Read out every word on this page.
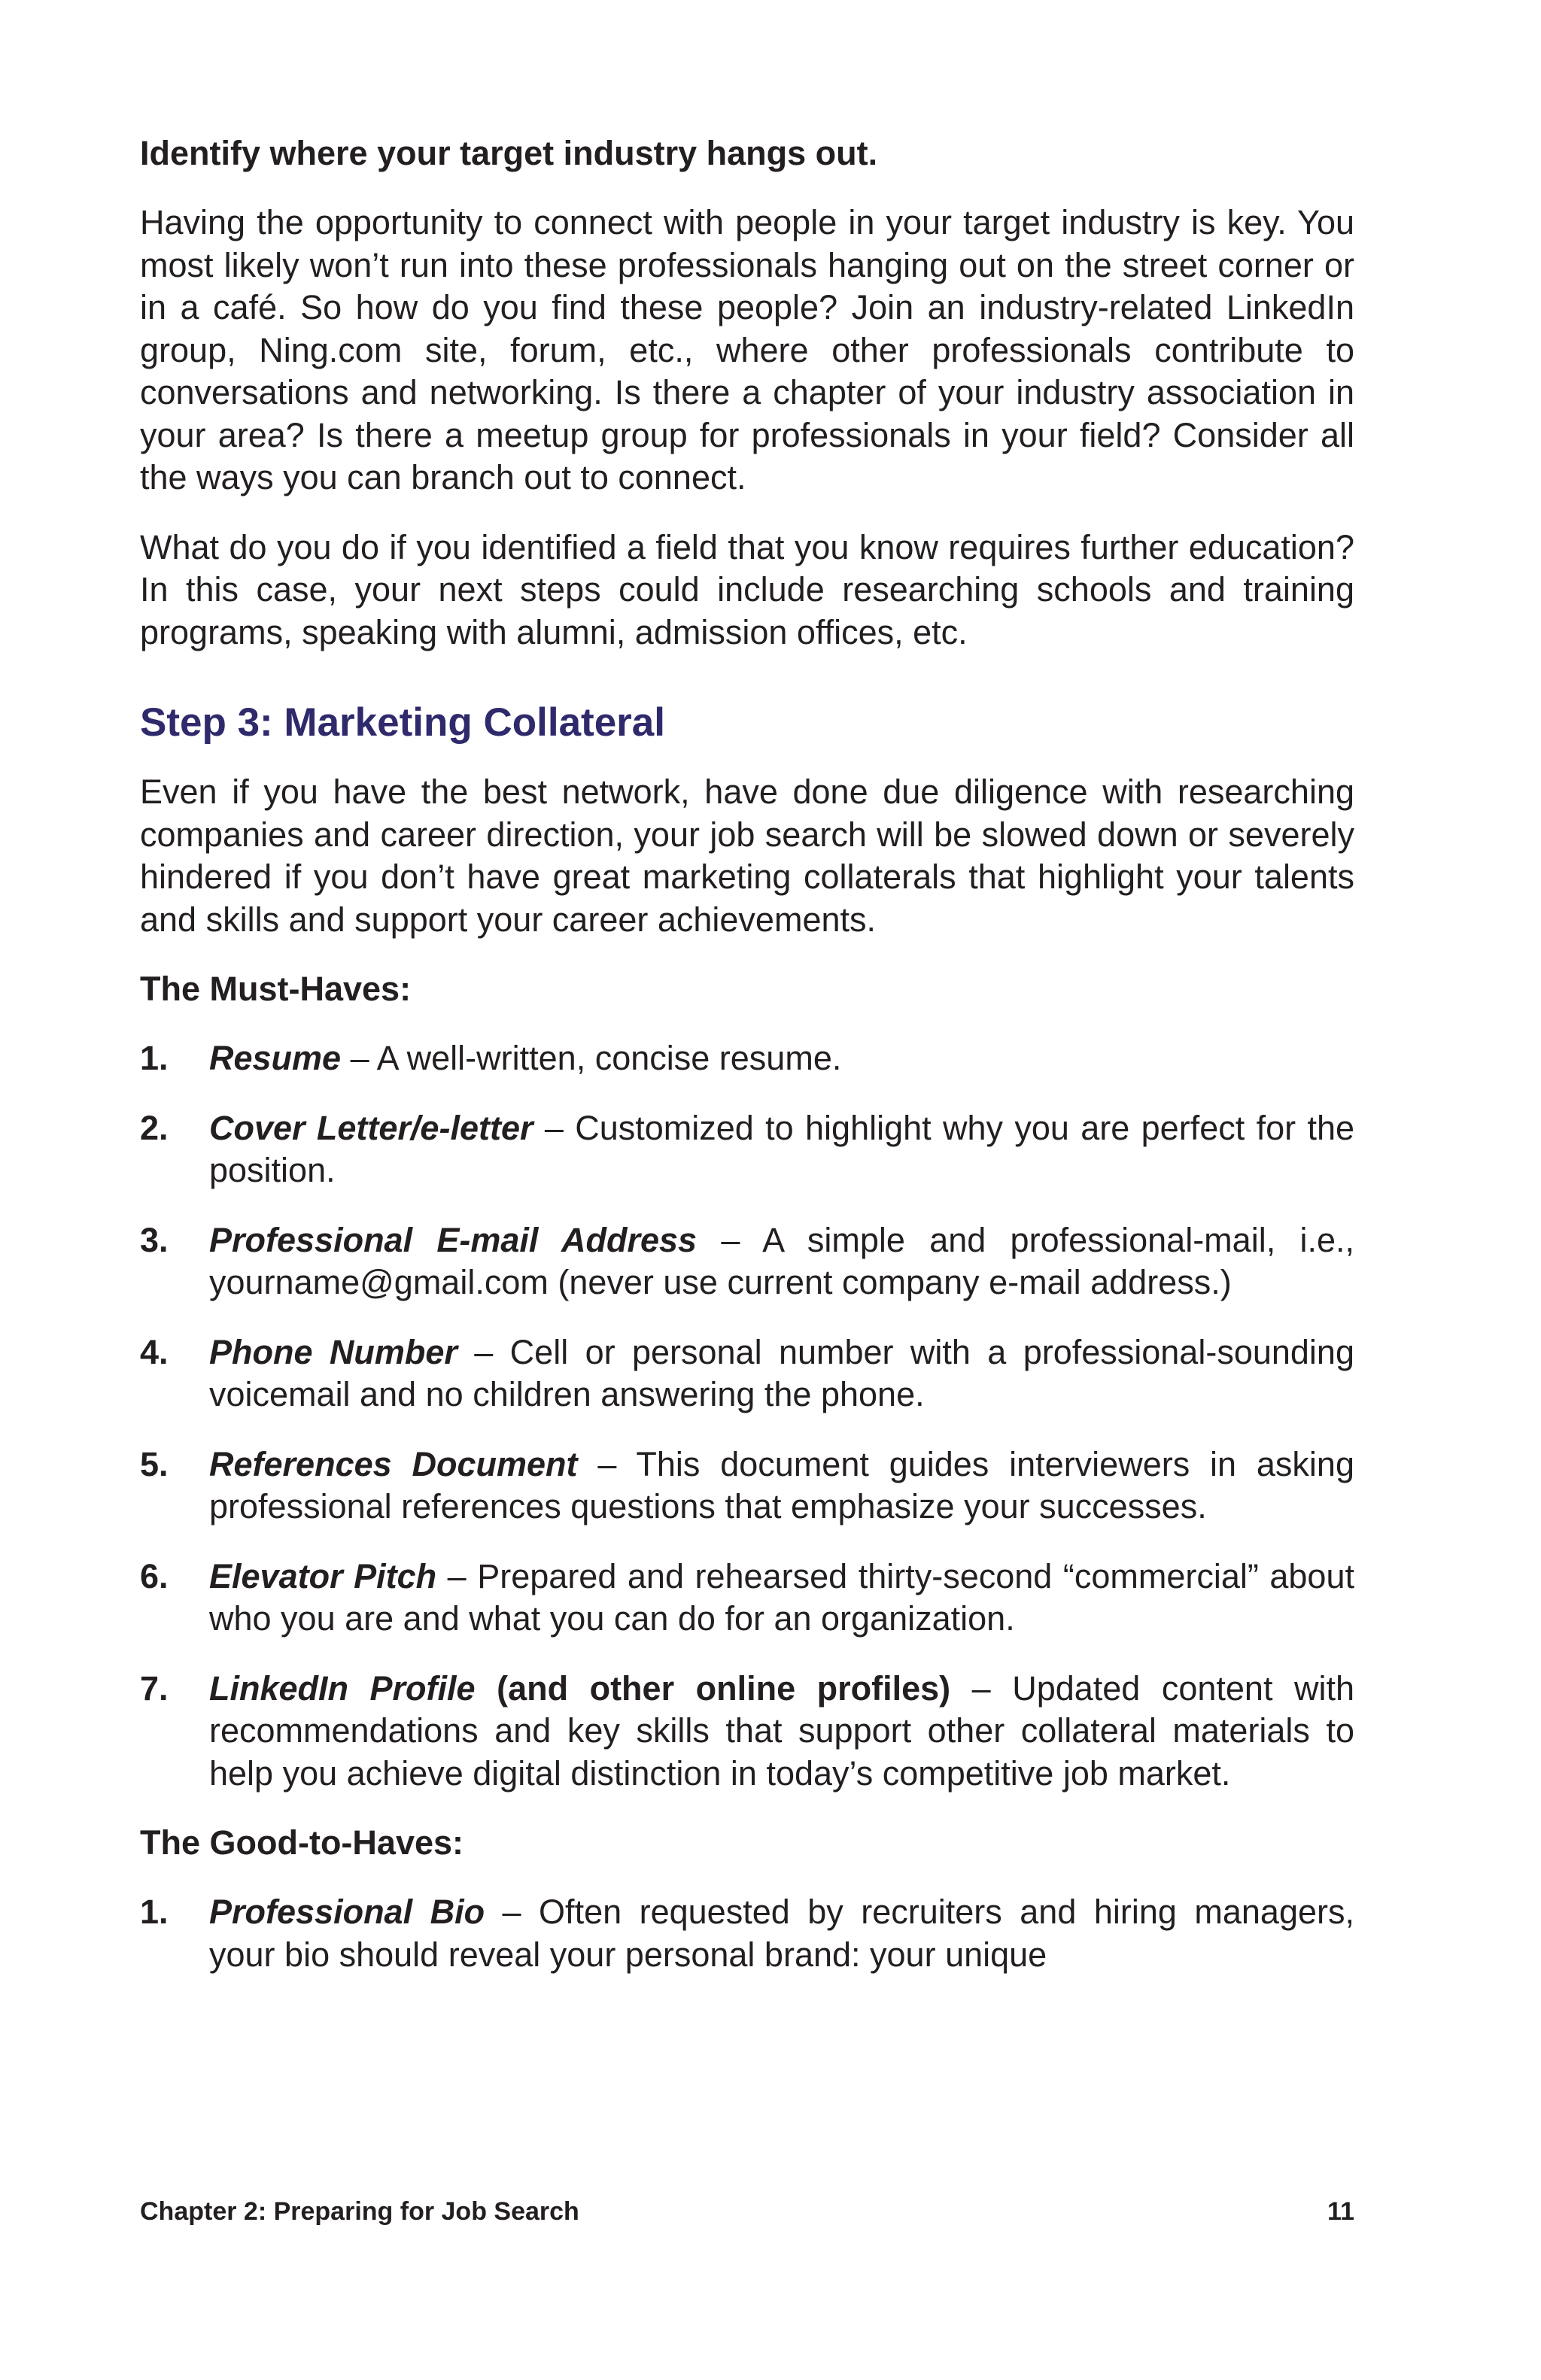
Identify where your target industry hangs out.

Having the opportunity to connect with people in your target industry is key. You most likely won’t run into these professionals hanging out on the street corner or in a café. So how do you find these people? Join an industry-related LinkedIn group, Ning.com site, forum, etc., where other professionals contribute to conversations and networking. Is there a chapter of your industry association in your area? Is there a meetup group for professionals in your field? Consider all the ways you can branch out to connect.

What do you do if you identified a field that you know requires further education? In this case, your next steps could include researching schools and training programs, speaking with alumni, admission offices, etc.

Step 3: Marketing Collateral

Even if you have the best network, have done due diligence with researching companies and career direction, your job search will be slowed down or severely hindered if you don’t have great marketing collaterals that highlight your talents and skills and support your career achievements.

The Must-Haves:
1.	Resume – A well-written, concise resume.
2.	Cover Letter/e-letter – Customized to highlight why you are perfect for the position.
3.	Professional E-mail Address – A simple and professional-mail, i.e., yourname@gmail.com (never use current company e-mail address.)
4.	Phone Number – Cell or personal number with a professional-sounding voicemail and no children answering the phone.
5.	References Document – This document guides interviewers in asking professional references questions that emphasize your successes.
6.	Elevator Pitch – Prepared and rehearsed thirty-second “commercial” about who you are and what you can do for an organization.
7.	LinkedIn Profile (and other online profiles) – Updated content with recommendations and key skills that support other collateral materials to help you achieve digital distinction in today’s competitive job market.
The Good-to-Haves:
1.	Professional Bio – Often requested by recruiters and hiring managers, your bio should reveal your personal brand: your unique
Chapter 2: Preparing for Job Search	11
